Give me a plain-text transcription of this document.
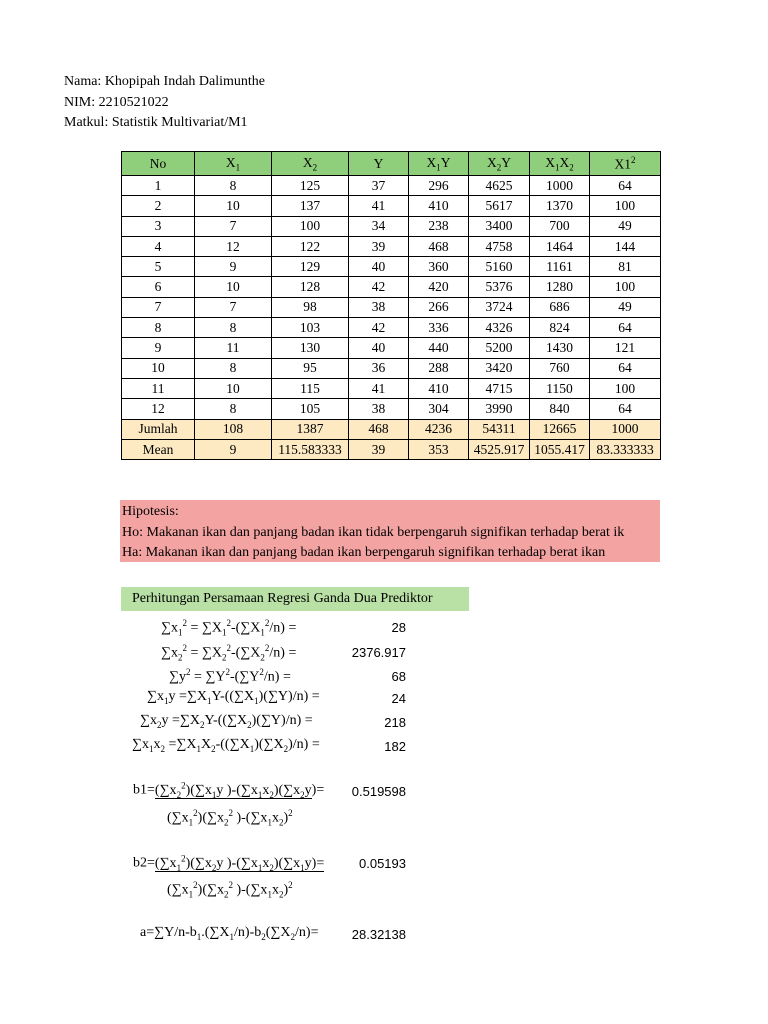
Nama: Khopipah Indah Dalimunthe
NIM: 2210521022
Matkul: Statistik Multivariat/M1
No	$X_1$	$X_2$	Y	$X_1Y$	$X_2Y$	$X_1X_2$	$X1^2$
1	8	125	37	296	4625	1000	64
2	10	137	41	410	5617	1370	100
3	7	100	34	238	3400	700	49
4	12	122	39	468	4758	1464	144
5	9	129	40	360	5160	1161	81
6	10	128	42	420	5376	1280	100
7	7	98	38	266	3724	686	49
8	8	103	42	336	4326	824	64
9	11	130	40	440	5200	1430	121
10	8	95	36	288	3420	760	64
11	10	115	41	410	4715	1150	100
12	8	105	38	304	3990	840	64
Jumlah	108	1387	468	4236	54311	12665	1000
Mean	9	115.583333	39	353	4525.917	1055.417	83.333333
Hipotesis:
Ho: Makanan ikan dan panjang badan ikan tidak berpengaruh signifikan terhadap berat ik
Ha: Makanan ikan dan panjang badan ikan berpengaruh signifikan terhadap berat ikan
Perhitungan Persamaan Regresi Ganda Dua Prediktor
$\sum x_1^2 = \sum X_1^2-(\sum X_1^2/n)$ =	28
$\sum x_2^2 = \sum X_2^2-(\sum X_2^2/n)$ =	2376.917
$\sum y^2 = \sum Y^2-(\sum Y^2/n)$ =	68
$\sum x_1y =\sum X_1Y-((\sum X_1)(\sum Y)/n)$ =	24
$\sum x_2y =\sum X_2Y-((\sum X_2)(\sum Y)/n)$ =	218
$\sum x_1x_2 =\sum X_1X_2-((\sum X_1)(\sum X_2)/n)$ =	182
$b1=(\sum x_2^2)(\sum x_1y$ )$-(\sum x_1x_2)(\sum x_2y)=$	0.519598
$(\sum x_1^2)(\sum x_2^2$ )$-(\sum x_1x_2)^2$
$b2=(\sum x_1^2)(\sum x_2y$ )$-(\sum x_1x_2)(\sum x_1y)=$	0.05193
$(\sum x_1^2)(\sum x_2^2$ )$-(\sum x_1x_2)^2$
$a=\sum Y/n-b_1.(\sum X_1/n)-b_2(\sum X_2/n)=$	28.32138
